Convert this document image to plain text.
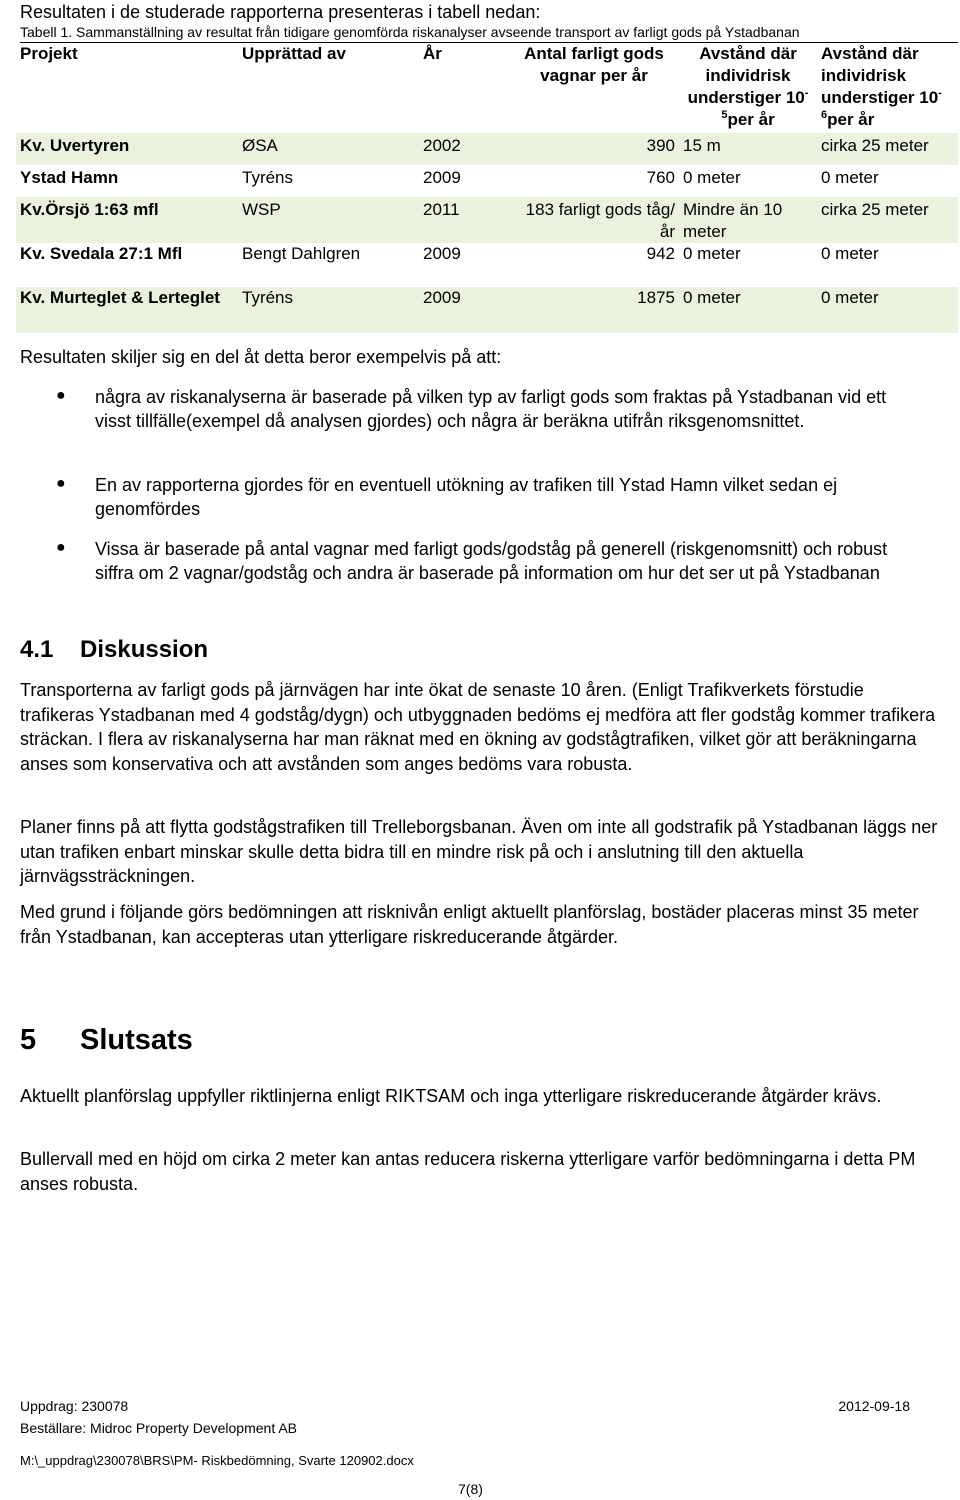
Resultaten i de studerade rapporterna presenteras i tabell nedan:
Tabell 1. Sammanställning av resultat från tidigare genomförda riskanalyser avseende transport av farligt gods på Ystadbanan
Projekt	Upprättad av	År	Antal farligt gods vagnar per år	Avstånd där individrisk understiger $10^{-5}per$ år	Avstånd där individrisk understiger $10^{-6}per$ år
Kv. Uvertyren	ØSA	2002	390	15 m	cirka 25 meter
Ystad Hamn	Tyréns	2009	760	0 meter	0 meter
Kv.Örsjö 1:63 mfl	WSP	2011	183 farligt gods tåg/år	Mindre än 10 meter	cirka 25 meter
Kv. Svedala 27:1 Mfl	Bengt Dahlgren	2009	942	0 meter	0 meter
Kv. Murteglet & Lerteglet	Tyréns	2009	1875	0 meter	0 meter
Resultaten skiljer sig en del åt detta beror exempelvis på att:
● några av riskanalyserna är baserade på vilken typ av farligt gods som fraktas på Ystadbanan vid ett visst tillfälle(exempel då analysen gjordes) och några är beräkna utifrån riksgenomsnittet.
● En av rapporterna gjordes för en eventuell utökning av trafiken till Ystad Hamn vilket sedan ej genomfördes
● Vissa är baserade på antal vagnar med farligt gods/godståg på generell (riskgenomsnitt) och robust siffra om 2 vagnar/godståg och andra är baserade på information om hur det ser ut på Ystadbanan
4.1 Diskussion
Transporterna av farligt gods på järnvägen har inte ökat de senaste 10 åren. (Enligt Trafikverkets förstudie trafikeras Ystadbanan med 4 godståg/dygn) och utbyggnaden bedöms ej medföra att fler godståg kommer trafikera sträckan. I flera av riskanalyserna har man räknat med en ökning av godstågtrafiken, vilket gör att beräkningarna anses som konservativa och att avstånden som anges bedöms vara robusta.
Planer finns på att flytta godstågstrafiken till Trelleborgsbanan. Även om inte all godstrafik på Ystadbanan läggs ner utan trafiken enbart minskar skulle detta bidra till en mindre risk på och i anslutning till den aktuella järnvägssträckningen.
Med grund i följande görs bedömningen att risknivån enligt aktuellt planförslag, bostäder placeras minst 35 meter från Ystadbanan, kan accepteras utan ytterligare riskreducerande åtgärder.
5 Slutsats
Aktuellt planförslag uppfyller riktlinjerna enligt RIKTSAM och inga ytterligare riskreducerande åtgärder krävs.
Bullervall med en höjd om cirka 2 meter kan antas reducera riskerna ytterligare varför bedömningarna i detta PM anses robusta.
Uppdrag: 230078	2012-09-18
Beställare: Midroc Property Development AB
M:\_uppdrag\230078\BRS\PM- Riskbedömning, Svarte 120902.docx
7(8)
